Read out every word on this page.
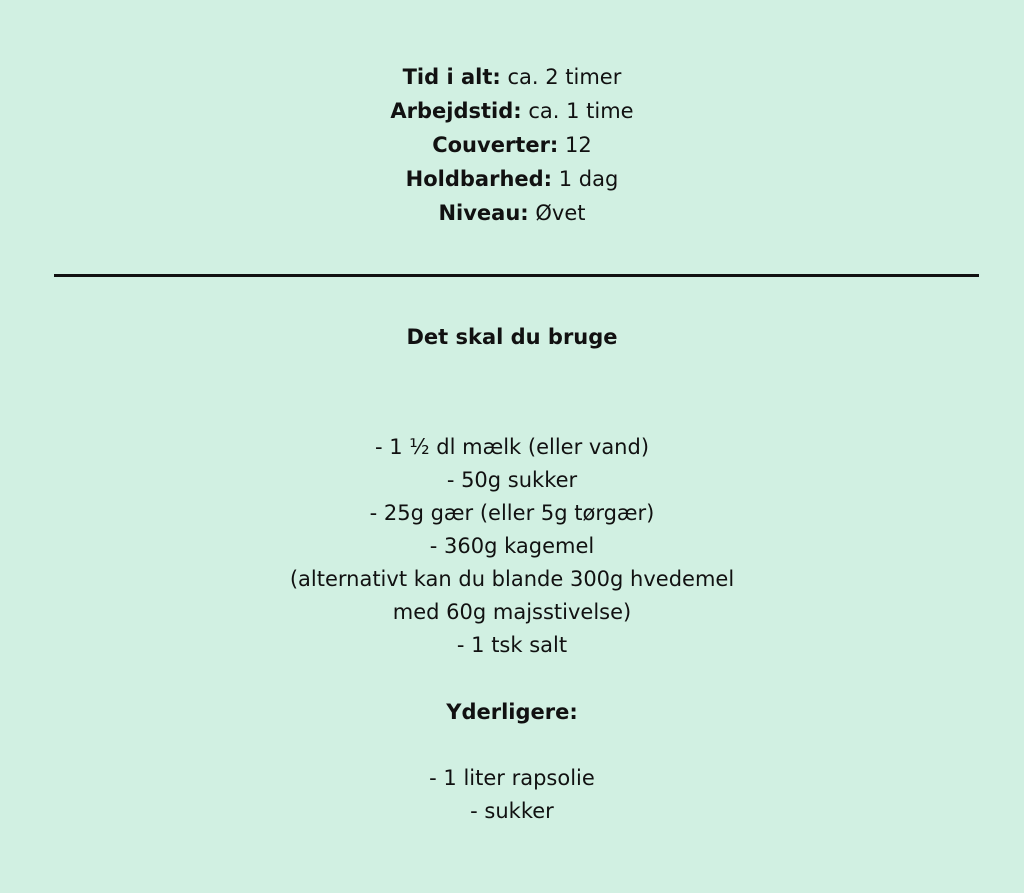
Tid i alt: ca. 2 timer
Arbejdstid: ca. 1 time
Couverter: 12
Holdbarhed: 1 dag
Niveau: Øvet
Det skal du bruge
- 1 ½ dl mælk (eller vand)
- 50g sukker
- 25g gær (eller 5g tørgær)
- 360g kagemel
(alternativt kan du blande 300g hvedemel
med 60g majsstivelse)
- 1 tsk salt
Yderligere:
- 1 liter rapsolie
- sukker
